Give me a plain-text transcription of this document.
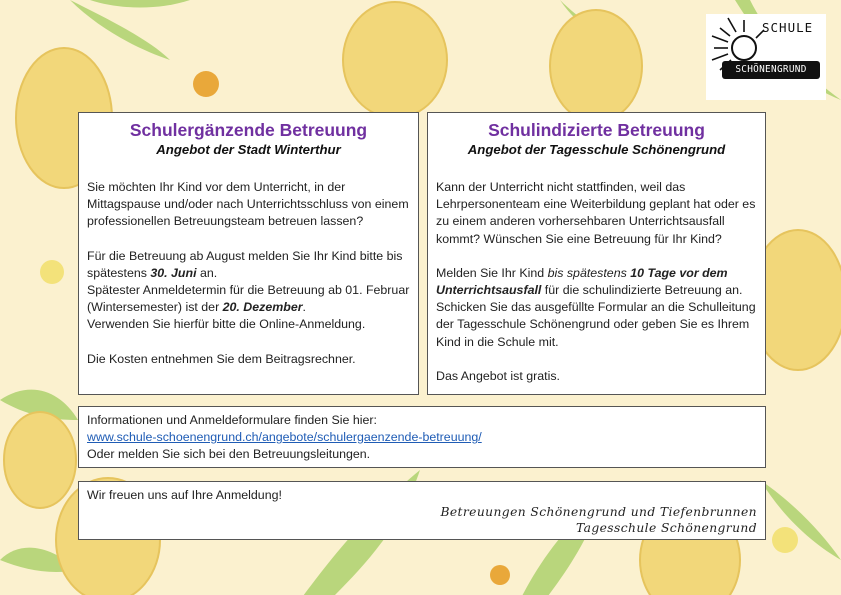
SCHULE
SCHÖNENGRUND
Schulergänzende Betreuung
Angebot der Stadt Winterthur

Sie möchten Ihr Kind vor dem Unterricht, in der Mittagspause und/oder nach Unterrichtsschluss von einem professionellen Betreuungsteam betreuen lassen?

Für die Betreuung ab August melden Sie Ihr Kind bitte bis spätestens 30. Juni an.

Spätester Anmeldetermin für die Betreuung ab 01. Februar (Wintersemester) ist der 20. Dezember.

Verwenden Sie hierfür bitte die Online-Anmeldung.

Die Kosten entnehmen Sie dem Beitragsrechner.

Schulindizierte Betreuung
Angebot der Tagesschule Schönengrund

Kann der Unterricht nicht stattfinden, weil das Lehrpersonenteam eine Weiterbildung geplant hat oder es zu einem anderen vorhersehbaren Unterrichtsausfall kommt? Wünschen Sie eine Betreuung für Ihr Kind?

Melden Sie Ihr Kind bis spätestens 10 Tage vor dem Unterrichtsausfall für die schulindizierte Betreuung an. Schicken Sie das ausgefüllte Formular an die Schulleitung der Tagesschule Schönengrund oder geben Sie es Ihrem Kind in die Schule mit.

Das Angebot ist gratis.

Informationen und Anmeldeformulare finden Sie hier:

www.schule-schoenengrund.ch/angebote/schulergaenzende-betreuung/

Oder melden Sie sich bei den Betreuungsleitungen.

Wir freuen uns auf Ihre Anmeldung!

Betreuungen Schönengrund und Tiefenbrunnen
Tagesschule Schönengrund
